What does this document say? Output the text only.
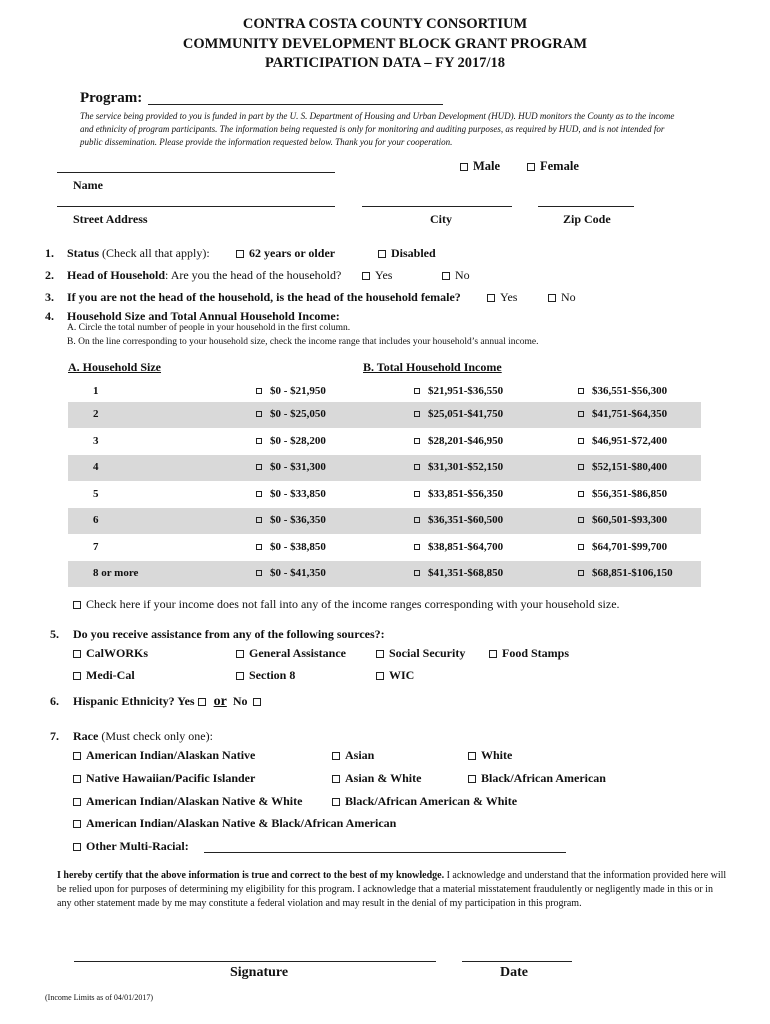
CONTRA COSTA COUNTY CONSORTIUM
COMMUNITY DEVELOPMENT BLOCK GRANT PROGRAM
PARTICIPATION DATA – FY 2017/18
Program:
The service being provided to you is funded in part by the U. S. Department of Housing and Urban Development (HUD). HUD monitors the County as to the income and ethnicity of program participants. The information being requested is only for monitoring and auditing purposes, as required by HUD, and is not intended for public dissemination. Please provide the information requested below. Thank you for your cooperation.
Male	Female
Name
Street Address	City	Zip Code
1. Status (Check all that apply):	62 years or older	Disabled
2. Head of Household: Are you the head of the household?	Yes	No
3. If you are not the head of the household, is the head of the household female?	Yes	No
4. Household Size and Total Annual Household Income:
A. Circle the total number of people in your household in the first column.
B. On the line corresponding to your household size, check the income range that includes your household’s annual income.
A. Household Size	B. Total Household Income
1	$0 - $21,950	$21,951-$36,550	$36,551-$56,300
2	$0 - $25,050	$25,051-$41,750	$41,751-$64,350
3	$0 - $28,200	$28,201-$46,950	$46,951-$72,400
4	$0 - $31,300	$31,301-$52,150	$52,151-$80,400
5	$0 - $33,850	$33,851-$56,350	$56,351-$86,850
6	$0 - $36,350	$36,351-$60,500	$60,501-$93,300
7	$0 - $38,850	$38,851-$64,700	$64,701-$99,700
8 or more	$0 - $41,350	$41,351-$68,850	$68,851-$106,150
Check here if your income does not fall into any of the income ranges corresponding with your household size.
5. Do you receive assistance from any of the following sources?:
CalWORKs	General Assistance	Social Security	Food Stamps
Medi-Cal	Section 8	WIC
6. Hispanic Ethnicity? Yes or No
7. Race (Must check only one):
American Indian/Alaskan Native	Asian	White
Native Hawaiian/Pacific Islander	Asian & White	Black/African American
American Indian/Alaskan Native & White	Black/African American & White
American Indian/Alaskan Native & Black/African American
Other Multi-Racial:
I hereby certify that the above information is true and correct to the best of my knowledge. I acknowledge and understand that the information provided here will be relied upon for purposes of determining my eligibility for this program. I acknowledge that a material misstatement fraudulently or negligently made in this or in any other statement made by me may constitute a federal violation and may result in the denial of my participation in this program.
Signature	Date
(Income Limits as of 04/01/2017)
